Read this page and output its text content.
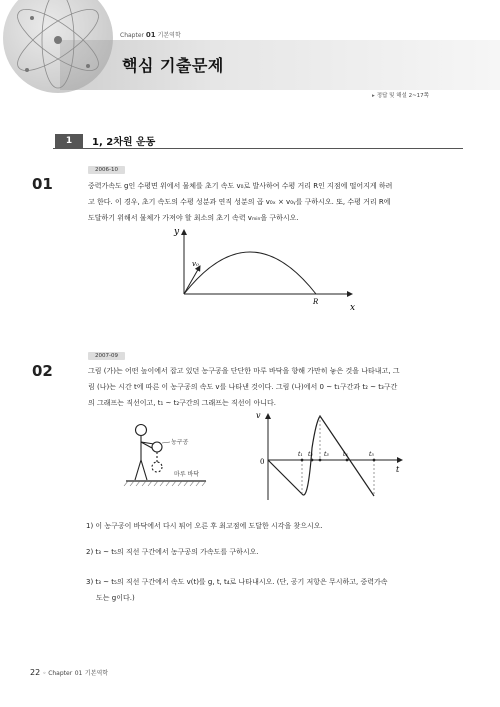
Chapter 01 기본역학
핵심 기출문제
▸ 정답 및 해설 2~17쪽
1	1, 2차원 운동
2006-10
01	중력가속도 g인 수평면 위에서 물체를 초기 속도 v₀로 발사하여 수평 거리 R인 지점에 떨어지게 하려
고 한다. 이 경우, 초기 속도의 수평 성분과 연직 성분의 곱 v₀ₓ × v₀ᵧ를 구하시오. 또, 수평 거리 R에
도달하기 위해서 물체가 가져야 할 최소의 초기 속력 vₘᵢₙ을 구하시오.
y
x
v₀
R
2007-09
02	그림 (가)는 어떤 높이에서 잡고 있던 농구공을 단단한 마루 바닥을 향해 가만히 놓은 것을 나타내고, 그
림 (나)는 시간 t에 따른 이 농구공의 속도 v를 나타낸 것이다. 그림 (나)에서 0 ~ t₁구간과 t₂ ~ t₃구간
의 그래프는 직선이고, t₁ ~ t₂구간의 그래프는 직선이 아니다.
농구공
마루 바닥
v
0
t
t₁ t₂ t₃ t₄	t₅
1) 이 농구공이 바닥에서 다시 튀어 오른 후 최고점에 도달한 시각을 찾으시오.
2) t₃ ~ t₅의 직선 구간에서 농구공의 가속도를 구하시오.
3) t₃ ~ t₅의 직선 구간에서 속도 v(t)를 g, t, t₄로 나타내시오. (단, 공기 저항은 무시하고, 중력가속
도는 g이다.)
22 ◦ Chapter 01 기본역학
